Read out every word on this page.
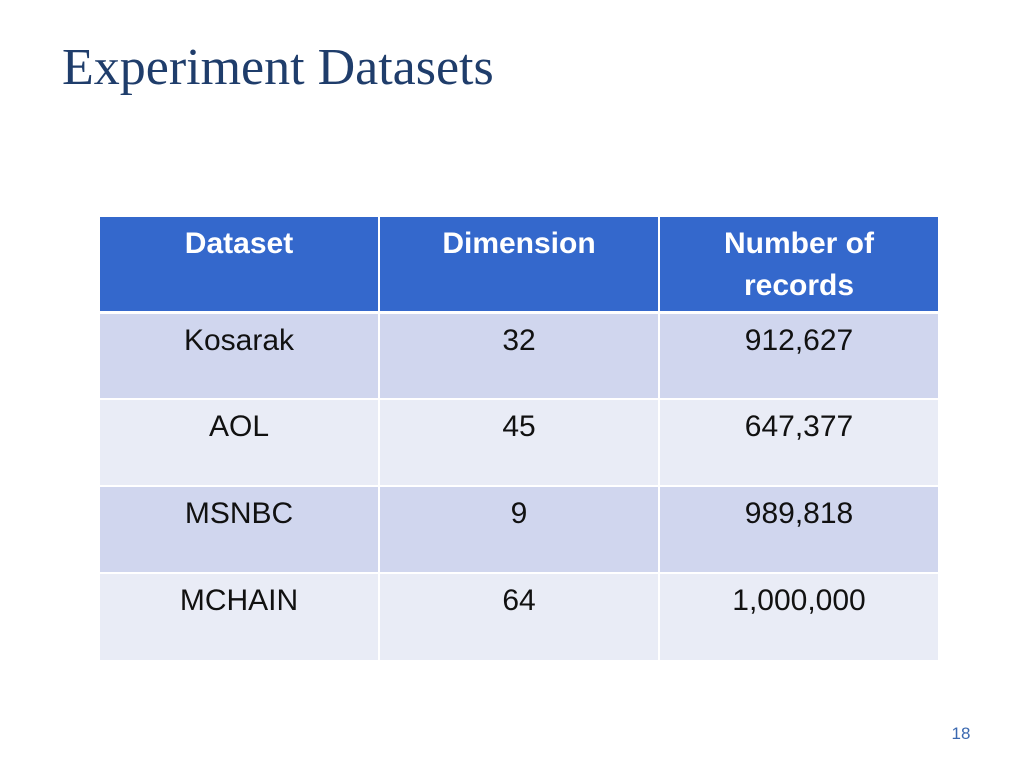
Experiment Datasets
Dataset	Dimension	Number of records
Kosarak	32	912,627
AOL	45	647,377
MSNBC	9	989,818
MCHAIN	64	1,000,000
18
